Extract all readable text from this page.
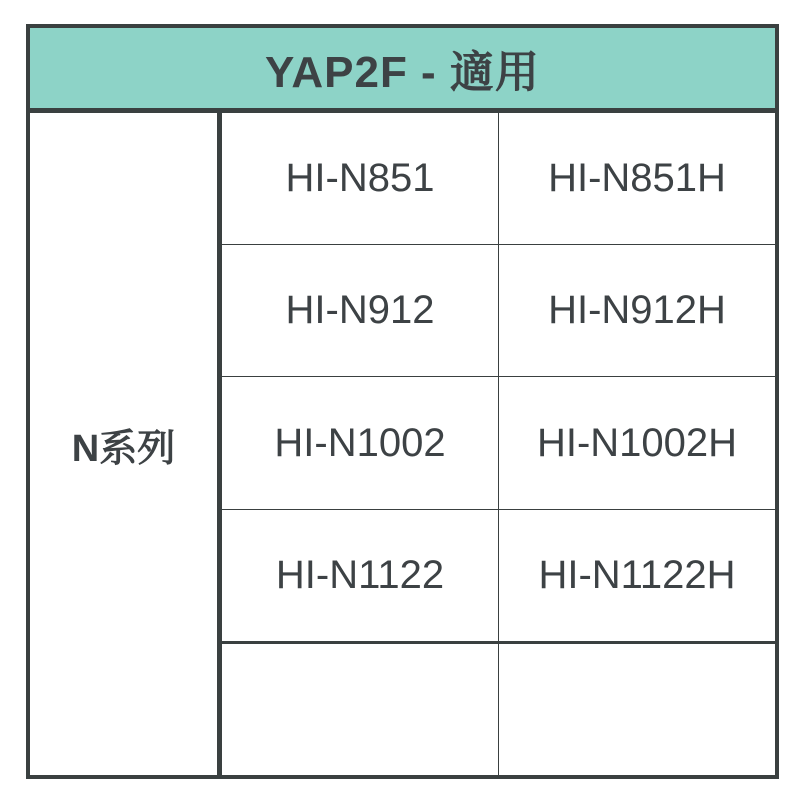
YAP2F - 適用
N系列
HI-N851	HI-N851H
HI-N912	HI-N912H
HI-N1002	HI-N1002H
HI-N1122	HI-N1122H
